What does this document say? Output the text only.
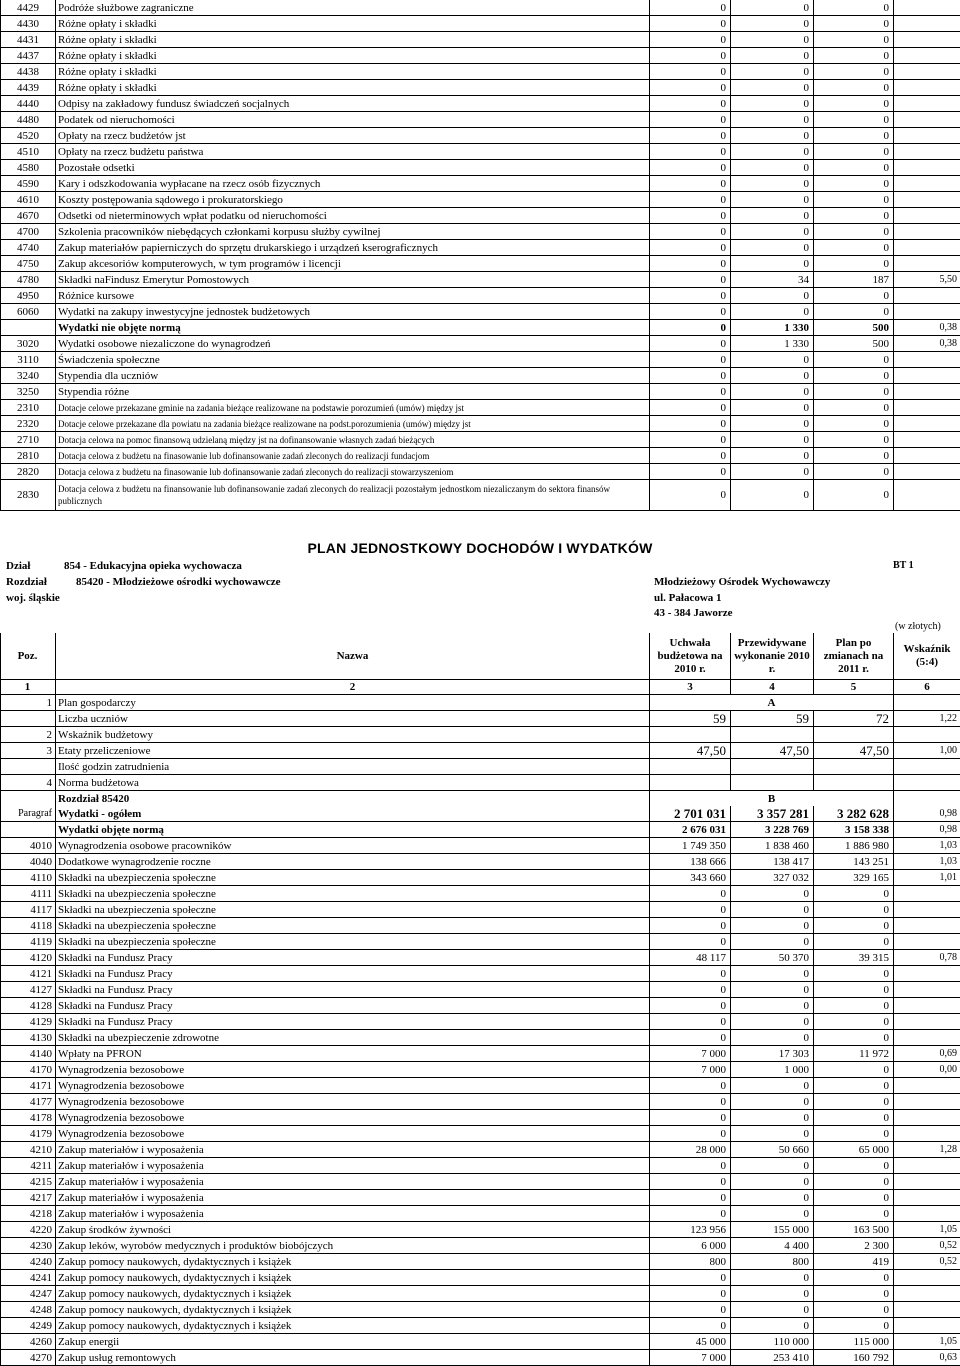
4429	Podróże służbowe zagraniczne	0	0	0	
4430	Różne opłaty i składki	0	0	0	
4431	Różne opłaty i składki	0	0	0	
4437	Różne opłaty i składki	0	0	0	
4438	Różne opłaty i składki	0	0	0	
4439	Różne opłaty i składki	0	0	0	
4440	Odpisy na zakładowy fundusz świadczeń socjalnych	0	0	0	
4480	Podatek od nieruchomości	0	0	0	
4520	Opłaty na rzecz budżetów jst	0	0	0	
4510	Opłaty na rzecz budżetu państwa	0	0	0	
4580	Pozostałe odsetki	0	0	0	
4590	Kary i odszkodowania wypłacane na rzecz osób fizycznych	0	0	0	
4610	Koszty postępowania sądowego i prokuratorskiego	0	0	0	
4670	Odsetki od nieterminowych wpłat podatku od nieruchomości	0	0	0	
4700	Szkolenia pracowników niebędących członkami korpusu służby cywilnej	0	0	0	
4740	Zakup materiałów papierniczych do sprzętu drukarskiego i urządzeń kserograficznych	0	0	0	
4750	Zakup akcesoriów komputerowych, w tym programów i licencji	0	0	0	
4780	Składki naFindusz Emerytur Pomostowych	0	34	187	5,50
4950	Różnice kursowe	0	0	0	
6060	Wydatki na zakupy inwestycyjne jednostek budżetowych	0	0	0	
	Wydatki nie objęte normą	0	1 330	500	0,38
3020	Wydatki osobowe niezaliczone do wynagrodzeń	0	1 330	500	0,38
3110	Świadczenia społeczne	0	0	0	
3240	Stypendia dla uczniów	0	0	0	
3250	Stypendia różne	0	0	0	
2310	Dotacje celowe przekazane gminie na zadania bieżące realizowane na podstawie porozumień (umów) między jst	0	0	0	
2320	Dotacje celowe przekazane dla powiatu na zadania bieżące realizowane na podst.porozumienia (umów) między jst	0	0	0	
2710	Dotacja celowa na pomoc finansową udzielaną między jst na dofinansowanie własnych zadań bieżących	0	0	0	
2810	Dotacja celowa z budżetu na finasowanie lub dofinansowanie zadań zleconych do realizacji fundacjom	0	0	0	
2820	Dotacja celowa z budżetu na finasowanie lub dofinansowanie zadań zleconych do realizacji stowarzyszeniom	0	0	0	
2830	Dotacja celowa z budżetu na finansowanie lub dofinansowanie zadań zleconych do realizacji pozostałym jednostkom niezaliczanym do sektora finansów publicznych	0	0	0	
PLAN JEDNOSTKOWY DOCHODÓW I WYDATKÓW
Dział	854 - Edukacyjna opieka wychowacza	BT 1
Rozdział	85420 - Młodzieżowe ośrodki wychowawcze	Młodzieżowy Ośrodek Wychowawczy
woj. śląskie	ul. Pałacowa 1
43 - 384 Jaworze
(w złotych)
Poz.	Nazwa	Uchwała budżetowa na 2010 r.	Przewidywane wykonanie 2010 r.	Plan po zmianach na 2011 r.	Wskaźnik (5:4)
1	2	3	4	5	6
1	Plan gospodarczy	A			
	Liczba uczniów	59	59	72	1,22
2	Wskaźnik budżetowy				
3	Etaty przeliczeniowe	47,50	47,50	47,50	1,00
	Ilość godzin zatrudnienia				
4	Norma budżetowa				
	Rozdział 85420	B			
Paragraf	Wydatki - ogółem	2 701 031	3 357 281	3 282 628	0,98
	Wydatki objęte normą	2 676 031	3 228 769	3 158 338	0,98
4010	Wynagrodzenia osobowe pracowników	1 749 350	1 838 460	1 886 980	1,03
4040	Dodatkowe wynagrodzenie roczne	138 666	138 417	143 251	1,03
4110	Składki na ubezpieczenia społeczne	343 660	327 032	329 165	1,01
4111	Składki na ubezpieczenia społeczne	0	0	0	
4117	Składki na ubezpieczenia społeczne	0	0	0	
4118	Składki na ubezpieczenia społeczne	0	0	0	
4119	Składki na ubezpieczenia społeczne	0	0	0	
4120	Składki na Fundusz Pracy	48 117	50 370	39 315	0,78
4121	Składki na Fundusz Pracy	0	0	0	
4127	Składki na Fundusz Pracy	0	0	0	
4128	Składki na Fundusz Pracy	0	0	0	
4129	Składki na Fundusz Pracy	0	0	0	
4130	Składki na ubezpieczenie zdrowotne	0	0	0	
4140	Wpłaty na PFRON	7 000	17 303	11 972	0,69
4170	Wynagrodzenia bezosobowe	7 000	1 000	0	0,00
4171	Wynagrodzenia bezosobowe	0	0	0	
4177	Wynagrodzenia bezosobowe	0	0	0	
4178	Wynagrodzenia bezosobowe	0	0	0	
4179	Wynagrodzenia bezosobowe	0	0	0	
4210	Zakup materiałów i wyposażenia	28 000	50 660	65 000	1,28
4211	Zakup materiałów i wyposażenia	0	0	0	
4215	Zakup materiałów i wyposażenia	0	0	0	
4217	Zakup materiałów i wyposażenia	0	0	0	
4218	Zakup materiałów i wyposażenia	0	0	0	
4220	Zakup środków żywności	123 956	155 000	163 500	1,05
4230	Zakup leków, wyrobów medycznych i produktów biobójczych	6 000	4 400	2 300	0,52
4240	Zakup pomocy naukowych, dydaktycznych i książek	800	800	419	0,52
4241	Zakup pomocy naukowych, dydaktycznych i książek	0	0	0	
4247	Zakup pomocy naukowych, dydaktycznych i książek	0	0	0	
4248	Zakup pomocy naukowych, dydaktycznych i książek	0	0	0	
4249	Zakup pomocy naukowych, dydaktycznych i książek	0	0	0	
4260	Zakup energii	45 000	110 000	115 000	1,05
4270	Zakup usług remontowych	7 000	253 410	160 792	0,63
